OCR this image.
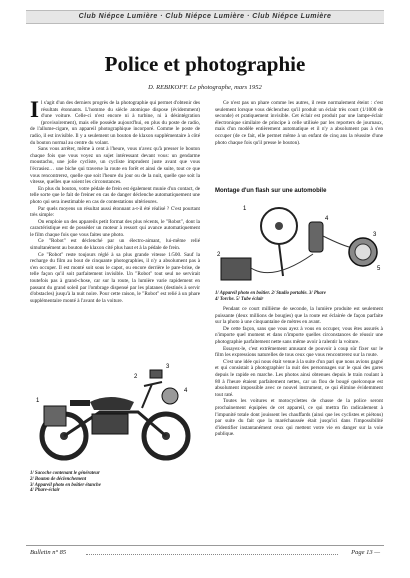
Club Niépce Lumière · Club Niépce Lumière · Club Niépce Lumière
Police et photographie
D. REBIKOFF. Le photographe, mars 1952

Il s'agit d'un des derniers progrès de la photographie qui permet d'obtenir des résultats étonnants. L'homme du siècle atomique dispose (évidemment) d'une voiture. Celle-ci n'est encore ni à turbine, ni à désintégration (provisoirement), mais elle possède aujourd'hui, en plus du poste de radio, de l'allume-cigare, un appareil photographique incorporé. Comme le poste de radio, il est invisible. Il y a seulement un bouton de klaxon supplémentaire à côté du bouton normal au centre du volant.

Sans vous arrêter, même à cent à l'heure, vous n'avez qu'à presser le bouton chaque fois que vous voyez un sujet intéressant devant vous: un gendarme moustachu, une jolie cycliste, un cycliste imprudent juste avant que vous l'écrasiez… une biche qui traverse la route en forêt et ainsi de suite, tout ce que vous rencontrerez, quelle que soit l'heure du jour ou de la nuit, quelle que soit la vitesse, quelles que soient les circonstances.

En plus du bouton, votre pédale de frein est également munie d'un contact, de telle sorte que le fait de freiner en cas de danger déclenche automatiquement une photo qui sera inestimable en cas de contestations ultérieures.

Par quels moyens un résultat aussi étonnant a-t-il été réalisé ? C'est pourtant très simple:

On emploie un des appareils petit format des plus récents, le "Robot", dont la caractéristique est de posséder un moteur à ressort qui avance automatiquement le film chaque fois que vous faites une photo.

Ce "Robot" est déclenché par un électro-aimant, lui-même relié simultanément au bouton de klaxon cité plus haut et à la pédale de frein.

Ce "Robot" reste toujours réglé à sa plus grande vitesse 1/500. Sauf la recharge du film au bout de cinquante photographies, il n'y a absolument pas à s'en occuper. Il est monté soit sous le capot, ou encore derrière le pare-brise, de telle façon qu'il soit parfaitement invisible. Un "Robot" tout seul ne servirait toutefois pas à grand-chose, car sur la route, la lumière varie rapidement en passant du grand soleil par l'ombrage dispensé par les platanes (destinés à servir d'obstacles) jusqu'à la nuit noire. Pour cette raison, le "Robot" est relié à un phare supplémentaire monté à l'avant de la voiture.

Ce n'est pas un phare comme les autres, il reste normalement éteint : c'est seulement lorsque vous déclenchez qu'il produit un éclair très court (1/1000 de seconde) et pratiquement invisible. Cet éclair est produit par une lampe-éclair électronique similaire de principe à celle utilisée par les reporters de journaux, mais d'un modèle entièrement automatique et il n'y a absolument pas à s'en occuper (de ce fait, elle permet même à un enfant de cinq ans la réussite d'une photo chaque fois qu'il presse le bouton).

Montage d'un flash sur une automobile
1
2
3
4
5
1/ Appareil photo en boîtier. 2/ Studio portable. 3/ Phare
4/ Torche. 5/ Tube éclair

Pendant ce court millième de seconde, la lumière produite est seulement puissante (deux millions de bougies) que la route est éclairée de façon parfaite sur la photo à une cinquantaine de mètres en avant.

De cette façon, sans que vous ayez à vous en occuper, vous êtes assurés à n'importe quel moment et dans n'importe quelles circonstances de réussir une photographie parfaitement nette sans même avoir à ralentir la voiture.

Essayez-le, c'est extrêmement amusant de pouvoir à coup sûr fixer sur le film les expressions naturelles de tous ceux que vous rencontrerez sur la route.

C'est une idée qui nous était venue à la suite d'un pari que nous avions gagné et qui consistait à photographier la nuit des personnages sur le quai des gares depuis le rapide en marche. Les photos ainsi obtenues depuis le train roulant à 80 à l'heure étaient parfaitement nettes, car un flou de bougé quelconque est absolument impossible avec ce nouvel instrument, ce qui élimine évidemment tout raté.

Toutes les voitures et motocyclettes de chasse de la police seront prochainement équipées de cet appareil, ce qui mettra fin radicalement à l'impunité totale dont jouissent les chauffards (ainsi que les cyclistes et piétons) par suite du fait que la maréchaussée était jusqu'ici dans l'impossibilité d'identifier instantanément ceux qui mettent votre vie en danger sur la voie publique.

1
2
3
4
1/ Sacoche contenant le générateur
2/ Bouton de déclenchement
3/ Appareil photo en boîtier étanche
4/ Phare-éclair
Bulletin n° 85	Page 13 —
